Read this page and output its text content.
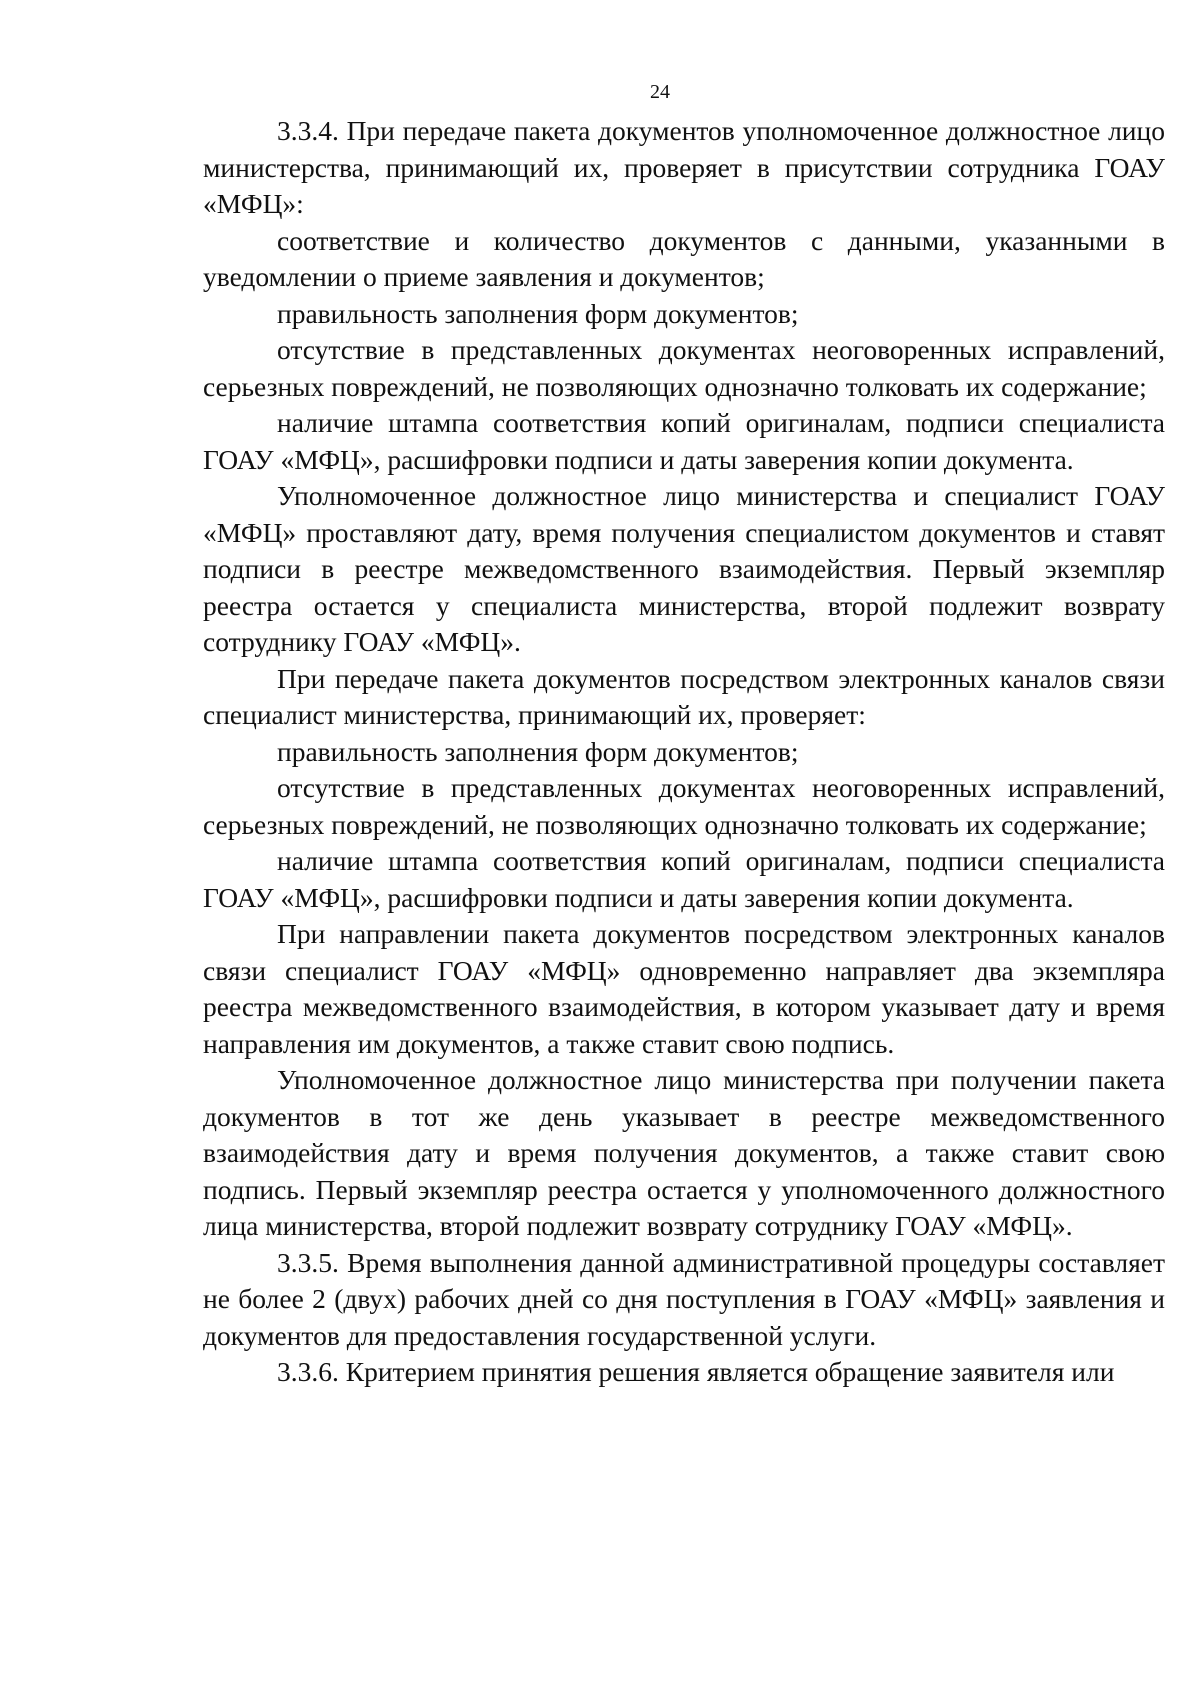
24

3.3.4. При передаче пакета документов уполномоченное должностное лицо министерства, принимающий их, проверяет в присутствии сотрудника ГОАУ «МФЦ»:

соответствие и количество документов с данными, указанными в уведомлении о приеме заявления и документов;

правильность заполнения форм документов;

отсутствие в представленных документах неоговоренных исправлений, серьезных повреждений, не позволяющих однозначно толковать их содержание;

наличие штампа соответствия копий оригиналам, подписи специалиста ГОАУ «МФЦ», расшифровки подписи и даты заверения копии документа.

Уполномоченное должностное лицо министерства и специалист ГОАУ «МФЦ» проставляют дату, время получения специалистом документов и ставят подписи в реестре межведомственного взаимодействия. Первый экземпляр реестра остается у специалиста министерства, второй подлежит возврату сотруднику ГОАУ «МФЦ».

При передаче пакета документов посредством электронных каналов связи специалист министерства, принимающий их, проверяет:

правильность заполнения форм документов;

отсутствие в представленных документах неоговоренных исправлений, серьезных повреждений, не позволяющих однозначно толковать их содержание;

наличие штампа соответствия копий оригиналам, подписи специалиста ГОАУ «МФЦ», расшифровки подписи и даты заверения копии документа.

При направлении пакета документов посредством электронных каналов связи специалист ГОАУ «МФЦ» одновременно направляет два экземпляра реестра межведомственного взаимодействия, в котором указывает дату и время направления им документов, а также ставит свою подпись.

Уполномоченное должностное лицо министерства при получении пакета документов в тот же день указывает в реестре межведомственного взаимодействия дату и время получения документов, а также ставит свою подпись. Первый экземпляр реестра остается у уполномоченного должностного лица министерства, второй подлежит возврату сотруднику ГОАУ «МФЦ».

3.3.5. Время выполнения данной административной процедуры составляет не более 2 (двух) рабочих дней со дня поступления в ГОАУ «МФЦ» заявления и документов для предоставления государственной услуги.

3.3.6. Критерием принятия решения является обращение заявителя или
